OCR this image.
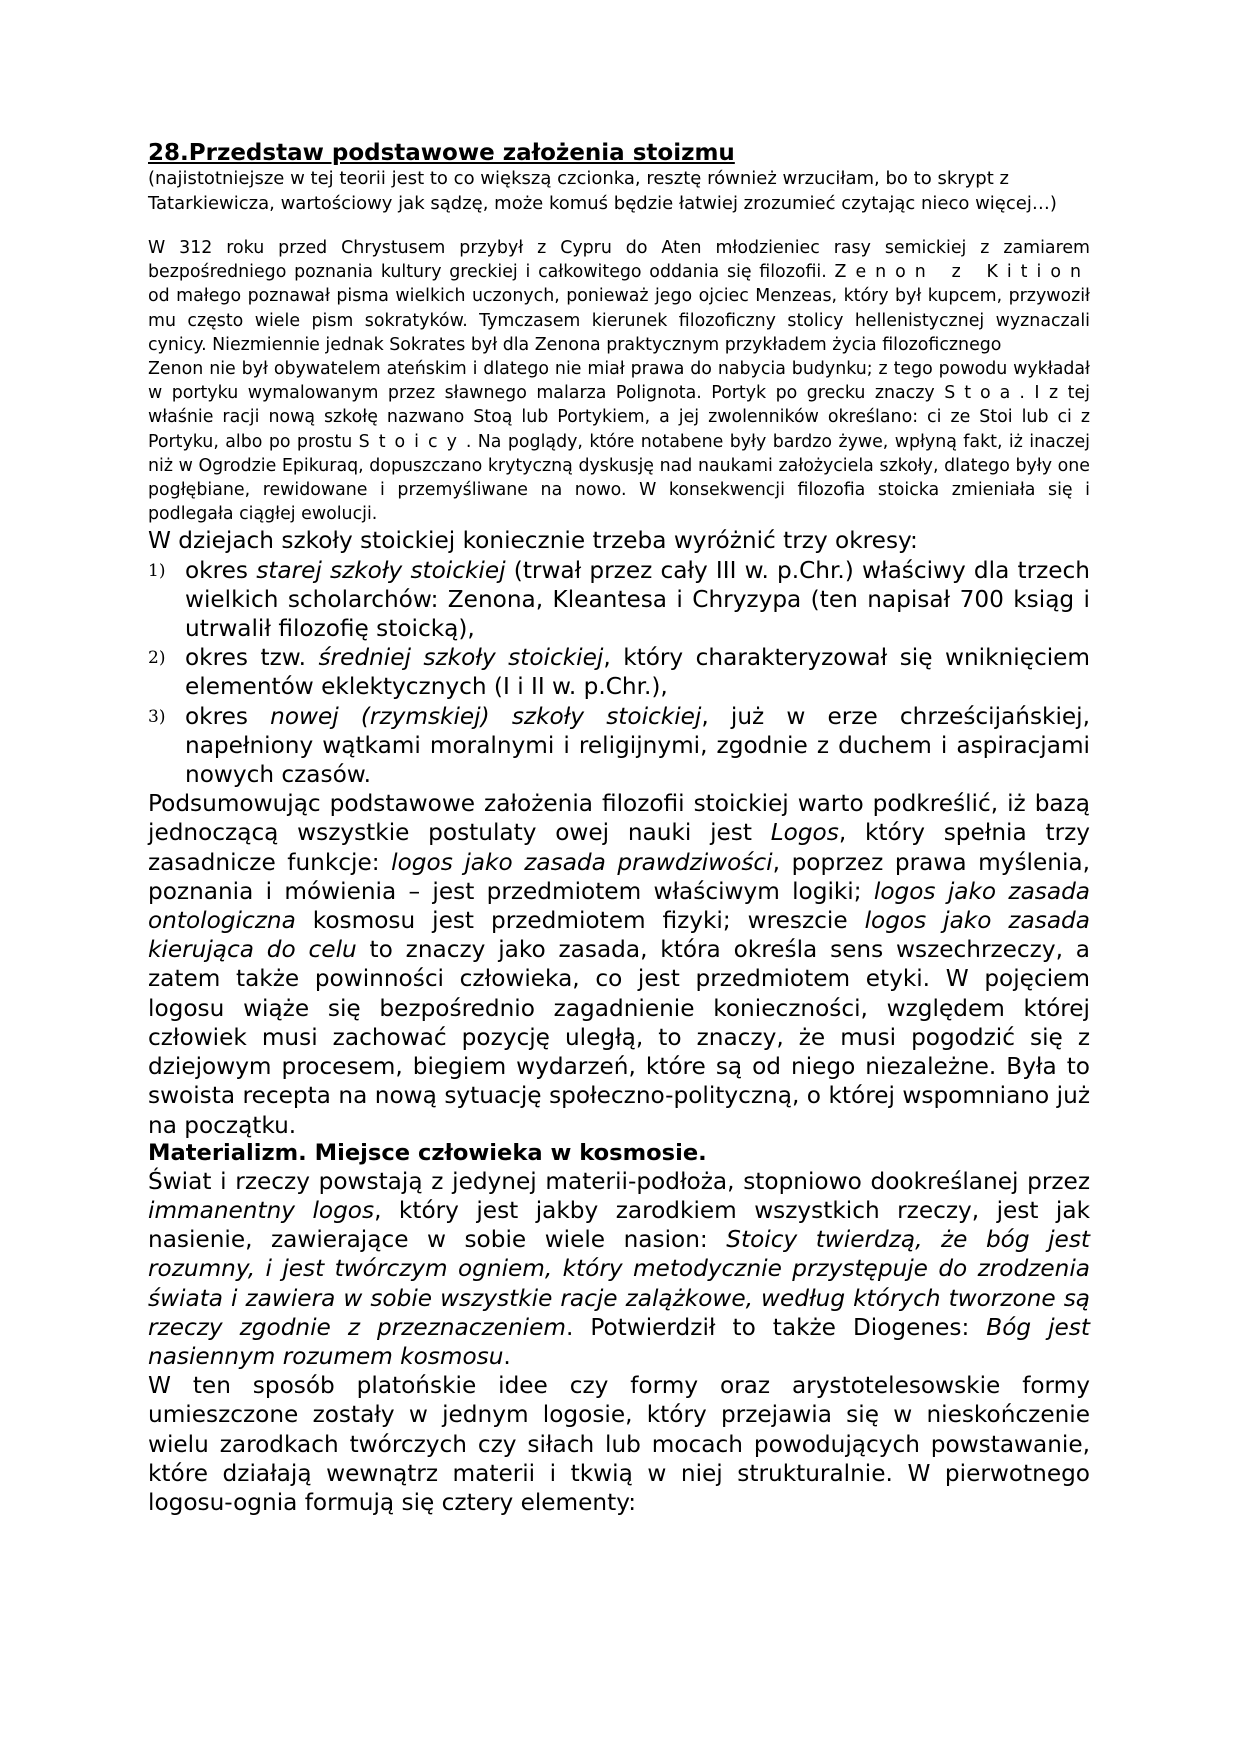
28.Przedstaw podstawowe założenia stoizmu

(najistotniejsze w tej teorii jest to co większą czcionka, resztę również wrzuciłam, bo to skrypt z Tatarkiewicza, wartościowy jak sądzę, może komuś będzie łatwiej zrozumieć czytając nieco więcej…)

W 312 roku przed Chrystusem przybył z Cypru do Aten młodzieniec rasy semickiej z zamiarem bezpośredniego poznania kultury greckiej i całkowitego oddania się filozofii. Zenon z Kition od małego poznawał pisma wielkich uczonych, ponieważ jego ojciec Menzeas, który był kupcem, przywoził mu często wiele pism sokratyków. Tymczasem kierunek filozoficzny stolicy hellenistycznej wyznaczali cynicy. Niezmiennie jednak Sokrates był dla Zenona praktycznym przykładem życia filozoficznego

Zenon nie był obywatelem ateńskim i dlatego nie miał prawa do nabycia budynku; z tego powodu wykładał w portyku wymalowanym przez sławnego malarza Polignota. Portyk po grecku znaczy Stoa. I z tej właśnie racji nową szkołę nazwano Stoą lub Portykiem, a jej zwolenników określano: ci ze Stoi lub ci z Portyku, albo po prostu Stoicy. Na poglądy, które notabene były bardzo żywe, wpłyną fakt, iż inaczej niż w Ogrodzie Epikuraq, dopuszczano krytyczną dyskusję nad naukami założyciela szkoły, dlatego były one pogłębiane, rewidowane i przemyśliwane na nowo. W konsekwencji filozofia stoicka zmieniała się i podlegała ciągłej ewolucji.

W dziejach szkoły stoickiej koniecznie trzeba wyróżnić trzy okresy:

1) okres starej szkoły stoickiej (trwał przez cały III w. p.Chr.) właściwy dla trzech wielkich scholarchów: Zenona, Kleantesa i Chryzypa (ten napisał 700 ksiąg i utrwalił filozofię stoicką),
2) okres tzw. średniej szkoły stoickiej, który charakteryzował się wniknięciem elementów eklektycznych (I i II w. p.Chr.),
3) okres nowej (rzymskiej) szkoły stoickiej, już w erze chrześcijańskiej, napełniony wątkami moralnymi i religijnymi, zgodnie z duchem i aspiracjami nowych czasów.

Podsumowując podstawowe założenia filozofii stoickiej warto podkreślić, iż bazą jednoczącą wszystkie postulaty owej nauki jest Logos, który spełnia trzy zasadnicze funkcje: logos jako zasada prawdziwości, poprzez prawa myślenia, poznania i mówienia – jest przedmiotem właściwym logiki; logos jako zasada ontologiczna kosmosu jest przedmiotem fizyki; wreszcie logos jako zasada kierująca do celu to znaczy jako zasada, która określa sens wszechrzeczy, a zatem także powinności człowieka, co jest przedmiotem etyki. W pojęciem logosu wiąże się bezpośrednio zagadnienie konieczności, względem której człowiek musi zachować pozycję uległą, to znaczy, że musi pogodzić się z dziejowym procesem, biegiem wydarzeń, które są od niego niezależne. Była to swoista recepta na nową sytuację społeczno-polityczną, o której wspomniano już na początku.

Materializm. Miejsce człowieka w kosmosie.

Świat i rzeczy powstają z jedynej materii-podłoża, stopniowo dookreślanej przez immanentny logos, który jest jakby zarodkiem wszystkich rzeczy, jest jak nasienie, zawierające w sobie wiele nasion: Stoicy twierdzą, że bóg jest rozumny, i jest twórczym ogniem, który metodycznie przystępuje do zrodzenia świata i zawiera w sobie wszystkie racje zalążkowe, według których tworzone są rzeczy zgodnie z przeznaczeniem. Potwierdził to także Diogenes: Bóg jest nasiennym rozumem kosmosu.

W ten sposób platońskie idee czy formy oraz arystotelesowskie formy umieszczone zostały w jednym logosie, który przejawia się w nieskończenie wielu zarodkach twórczych czy siłach lub mocach powodujących powstawanie, które działają wewnątrz materii i tkwią w niej strukturalnie. W pierwotnego logosu-ognia formują się cztery elementy:
